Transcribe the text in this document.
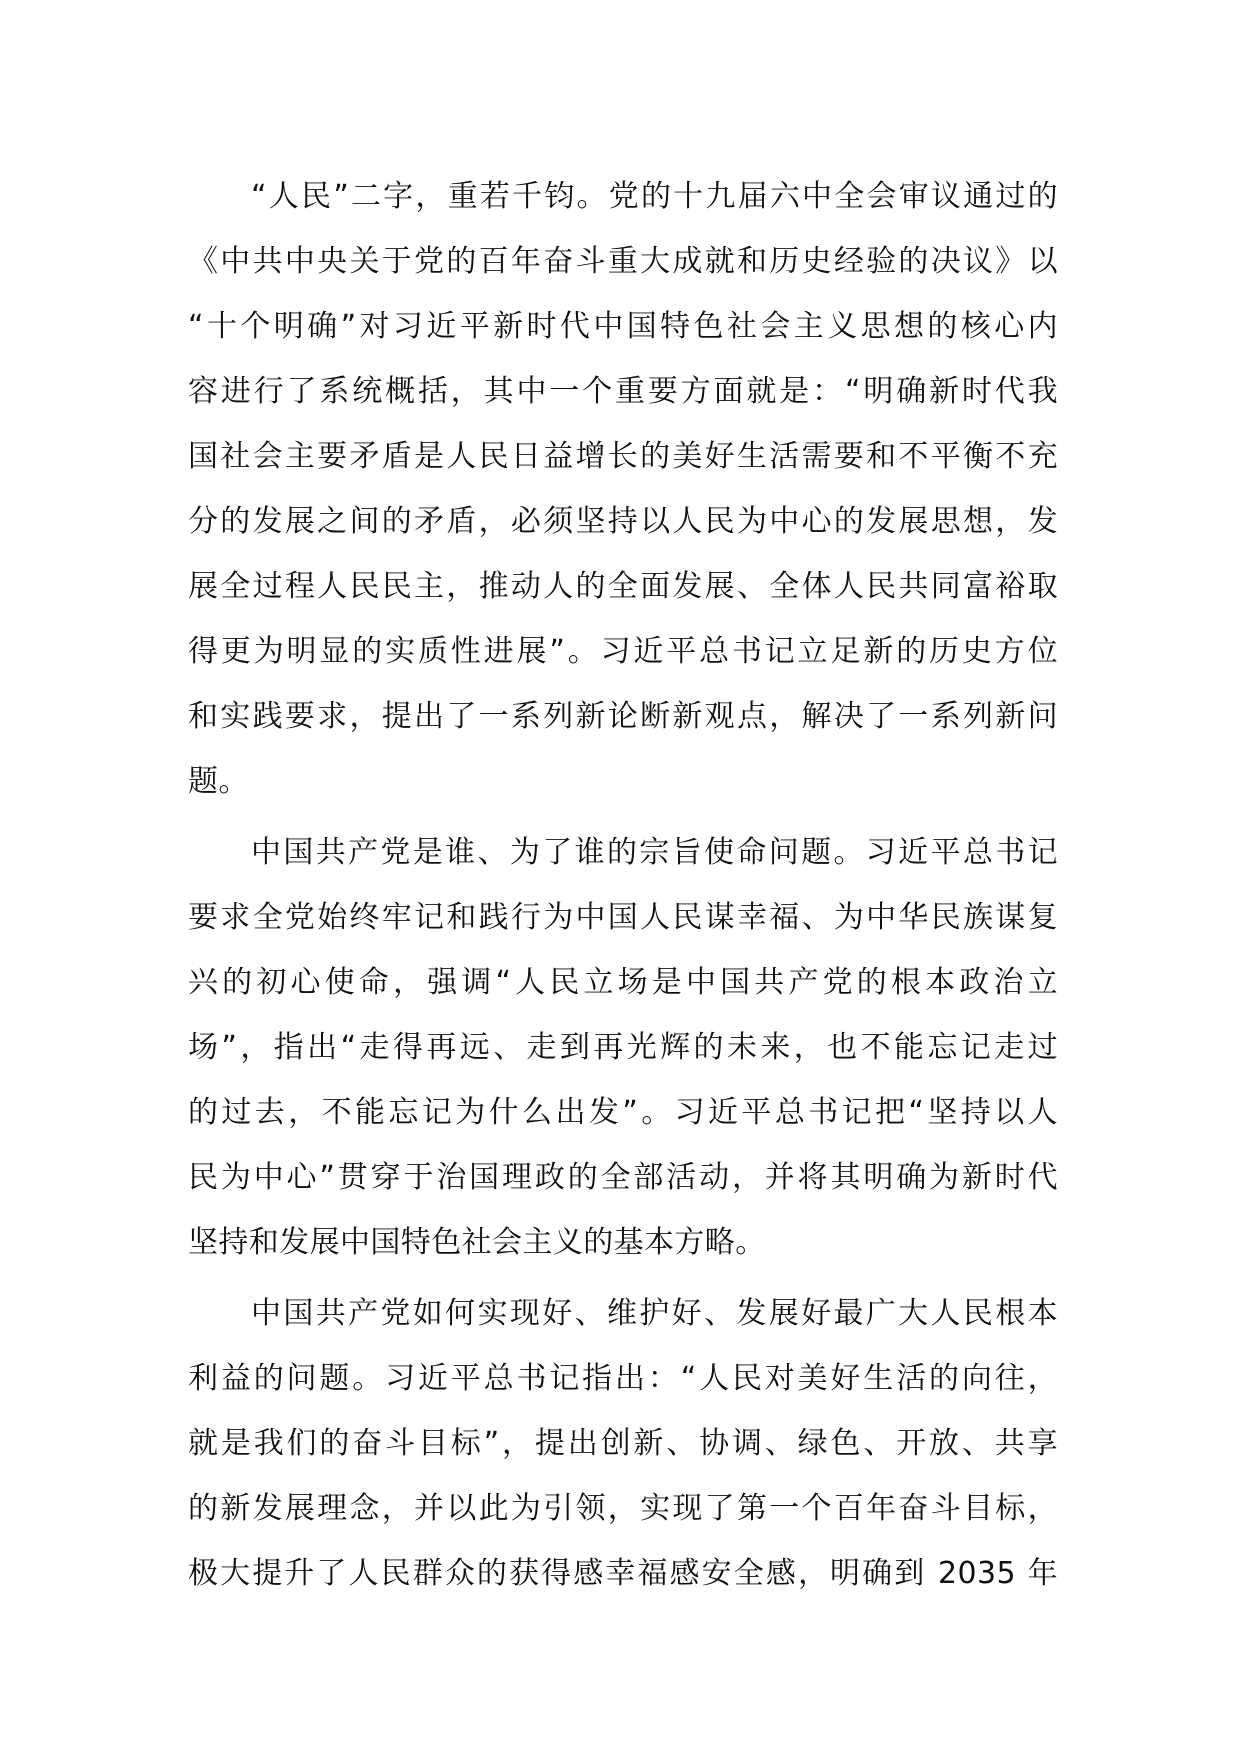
“人民”二字，重若千钧。党的十九届六中全会审议通过的
《中共中央关于党的百年奋斗重大成就和历史经验的决议》以
“十个明确”对习近平新时代中国特色社会主义思想的核心内
容进行了系统概括，其中一个重要方面就是：“明确新时代我
国社会主要矛盾是人民日益增长的美好生活需要和不平衡不充
分的发展之间的矛盾，必须坚持以人民为中心的发展思想，发
展全过程人民民主，推动人的全面发展、全体人民共同富裕取
得更为明显的实质性进展”。习近平总书记立足新的历史方位
和实践要求，提出了一系列新论断新观点，解决了一系列新问
题。
中国共产党是谁、为了谁的宗旨使命问题。习近平总书记
要求全党始终牢记和践行为中国人民谋幸福、为中华民族谋复
兴的初心使命，强调“人民立场是中国共产党的根本政治立
场”，指出“走得再远、走到再光辉的未来，也不能忘记走过
的过去，不能忘记为什么出发”。习近平总书记把“坚持以人
民为中心”贯穿于治国理政的全部活动，并将其明确为新时代
坚持和发展中国特色社会主义的基本方略。
中国共产党如何实现好、维护好、发展好最广大人民根本
利益的问题。习近平总书记指出：“人民对美好生活的向往，
就是我们的奋斗目标”，提出创新、协调、绿色、开放、共享
的新发展理念，并以此为引领，实现了第一个百年奋斗目标，
极大提升了人民群众的获得感幸福感安全感，明确到 2035 年
